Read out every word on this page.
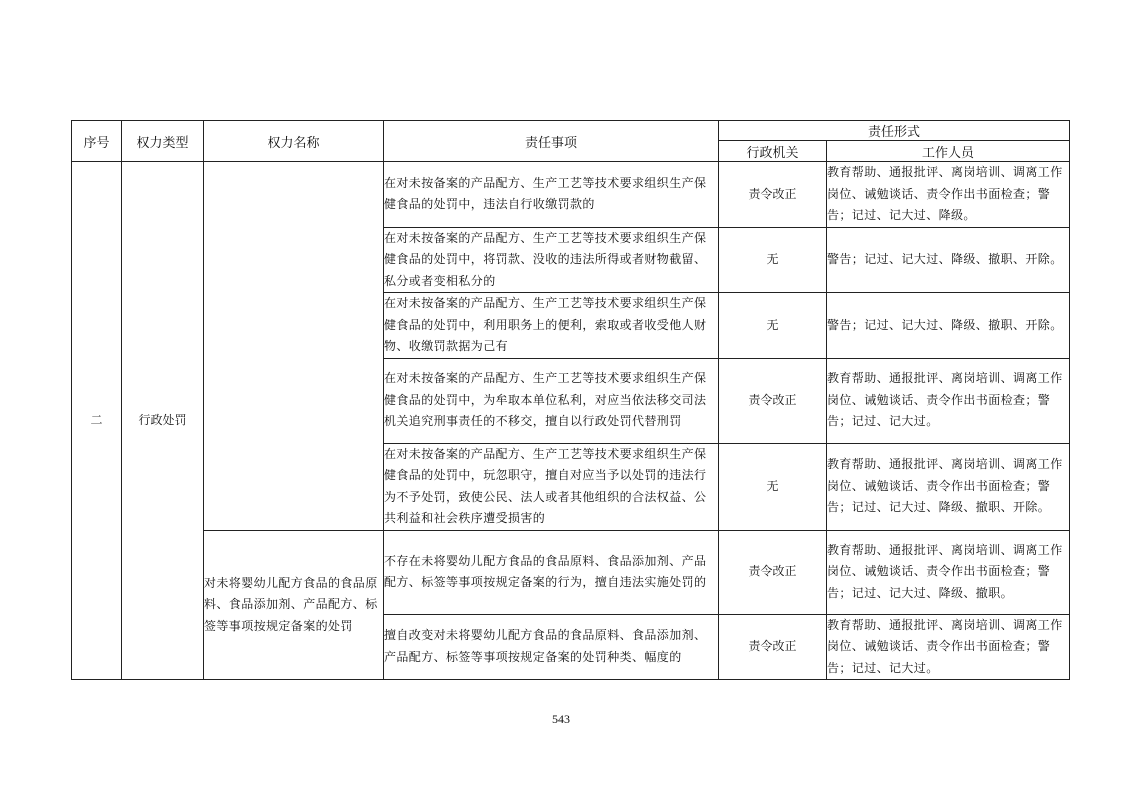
序号	权力类型	权力名称	责任事项	责任形式	
				行政机关	工作人员
二	行政处罚		在对未按备案的产品配方、生产工艺等技术要求组织生产保健食品的处罚中，违法自行收缴罚款的	责令改正	教育帮助、通报批评、离岗培训、调离工作岗位、诫勉谈话、责令作出书面检查；警告；记过、记大过、降级。
			在对未按备案的产品配方、生产工艺等技术要求组织生产保健食品的处罚中，将罚款、没收的违法所得或者财物截留、私分或者变相私分的	无	警告；记过、记大过、降级、撤职、开除。
			在对未按备案的产品配方、生产工艺等技术要求组织生产保健食品的处罚中，利用职务上的便利，索取或者收受他人财物、收缴罚款据为己有	无	警告；记过、记大过、降级、撤职、开除。
			在对未按备案的产品配方、生产工艺等技术要求组织生产保健食品的处罚中，为牟取本单位私利，对应当依法移交司法机关追究刑事责任的不移交，擅自以行政处罚代替刑罚	责令改正	教育帮助、通报批评、离岗培训、调离工作岗位、诫勉谈话、责令作出书面检查；警告；记过、记大过。
			在对未按备案的产品配方、生产工艺等技术要求组织生产保健食品的处罚中，玩忽职守，擅自对应当予以处罚的违法行为不予处罚，致使公民、法人或者其他组织的合法权益、公共利益和社会秩序遭受损害的	无	教育帮助、通报批评、离岗培训、调离工作岗位、诫勉谈话、责令作出书面检查；警告；记过、记大过、降级、撤职、开除。
		对未将婴幼儿配方食品的食品原料、食品添加剂、产品配方、标签等事项按规定备案的处罚	不存在未将婴幼儿配方食品的食品原料、食品添加剂、产品配方、标签等事项按规定备案的行为，擅自违法实施处罚的	责令改正	教育帮助、通报批评、离岗培训、调离工作岗位、诫勉谈话、责令作出书面检查；警告；记过、记大过、降级、撤职。
			擅自改变对未将婴幼儿配方食品的食品原料、食品添加剂、产品配方、标签等事项按规定备案的处罚种类、幅度的	责令改正	教育帮助、通报批评、离岗培训、调离工作岗位、诫勉谈话、责令作出书面检查；警告；记过、记大过。
543
